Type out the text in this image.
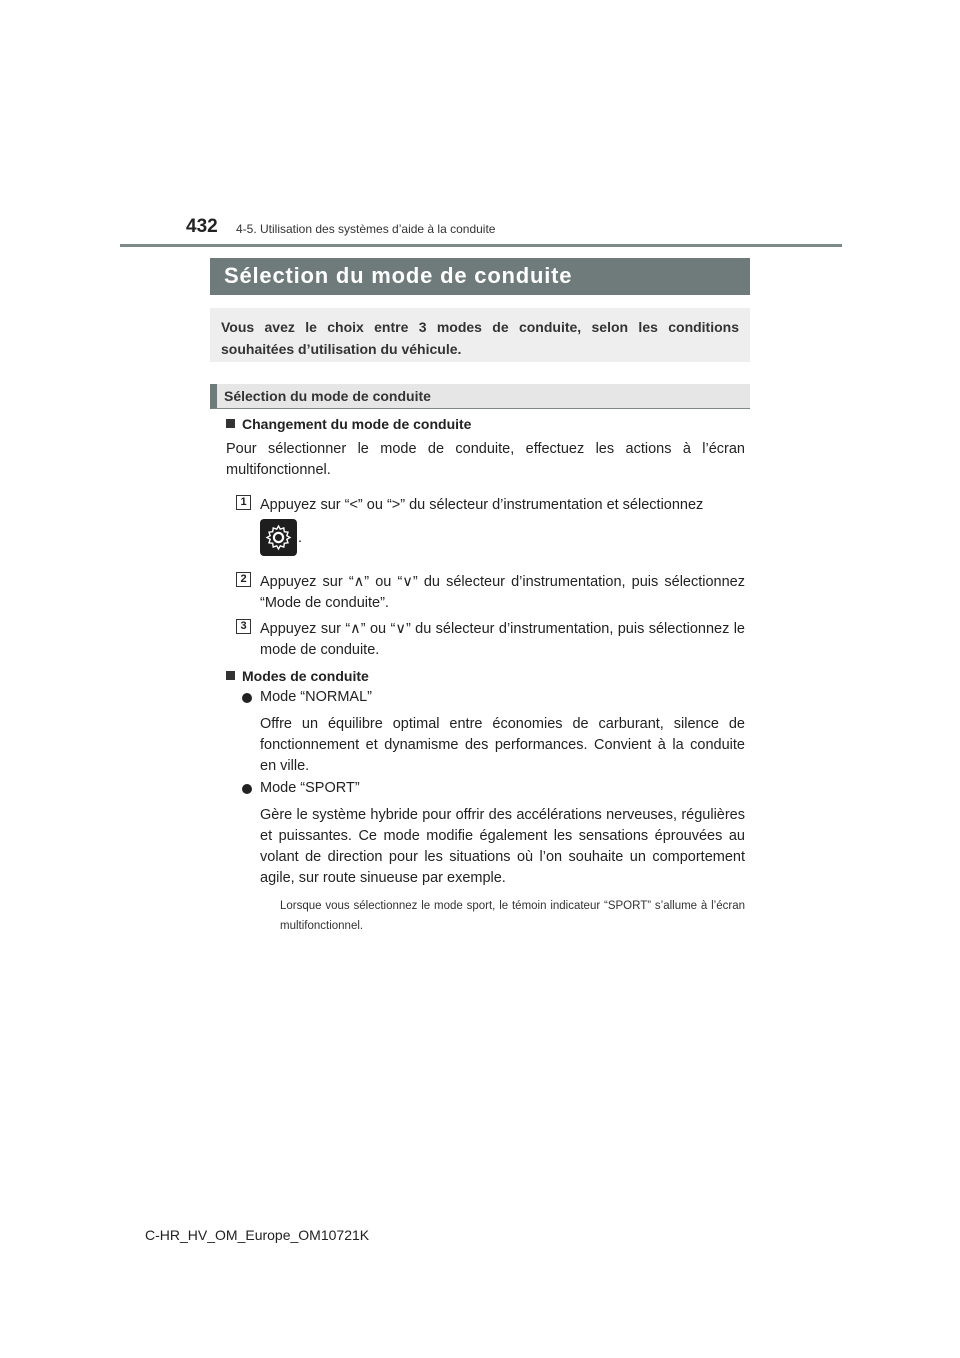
432 4-5. Utilisation des systèmes d’aide à la conduite
Sélection du mode de conduite
Vous avez le choix entre 3 modes de conduite, selon les conditions souhaitées d’utilisation du véhicule.
Sélection du mode de conduite
Changement du mode de conduite
Pour sélectionner le mode de conduite, effectuez les actions à l’écran multifonctionnel.
1 Appuyez sur “<” ou “>” du sélecteur d’instrumentation et sélectionnez
.
2 Appuyez sur “∧” ou “∨” du sélecteur d’instrumentation, puis sélectionnez “Mode de conduite”.
3 Appuyez sur “∧” ou “∨” du sélecteur d’instrumentation, puis sélectionnez le mode de conduite.
Modes de conduite
Mode “NORMAL”
Offre un équilibre optimal entre économies de carburant, silence de fonctionnement et dynamisme des performances. Convient à la conduite en ville.
Mode “SPORT”
Gère le système hybride pour offrir des accélérations nerveuses, régulières et puissantes. Ce mode modifie également les sensations éprouvées au volant de direction pour les situations où l’on souhaite un comportement agile, sur route sinueuse par exemple.
Lorsque vous sélectionnez le mode sport, le témoin indicateur “SPORT” s’allume à l’écran multifonctionnel.
C-HR_HV_OM_Europe_OM10721K
